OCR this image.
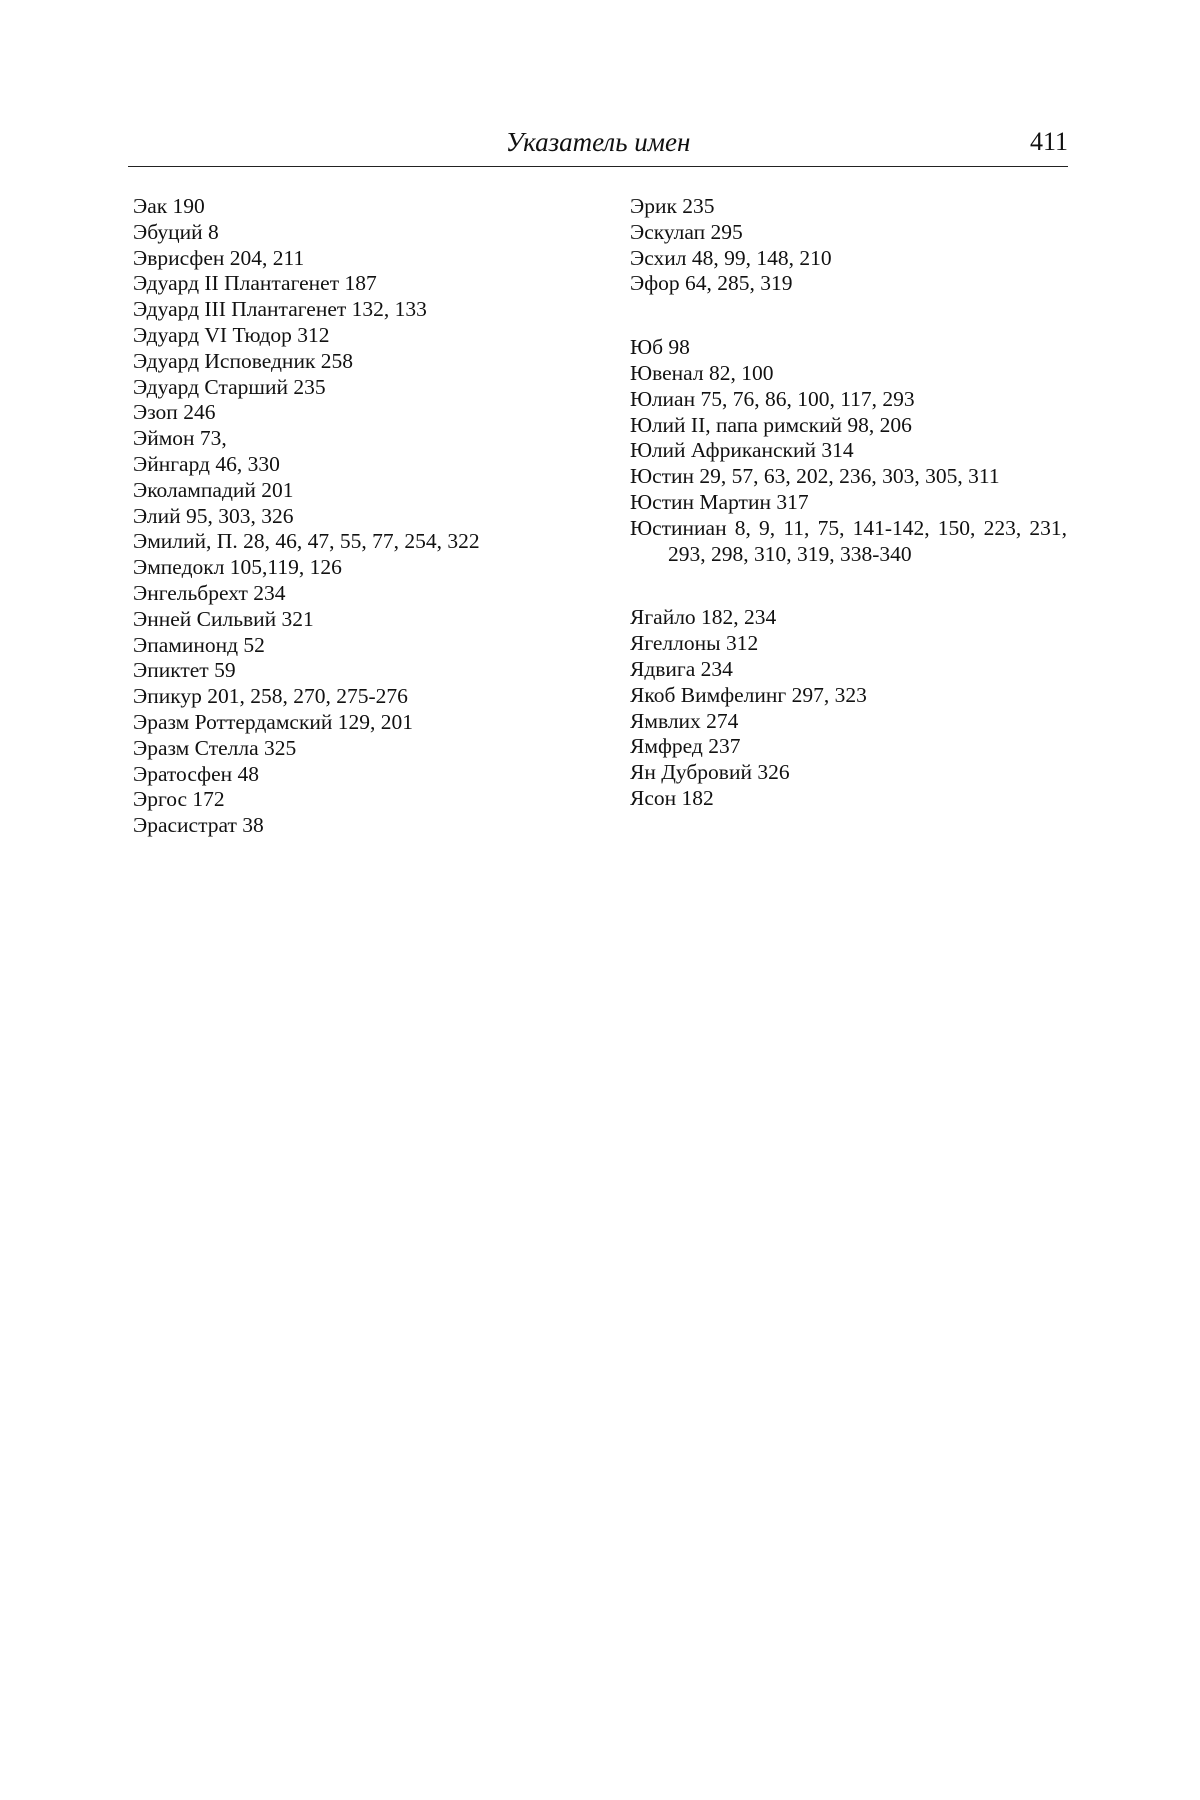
Указатель имен	411

Эак 190

Эбуций 8

Эврисфен 204, 211

Эдуард II Плантагенет 187

Эдуард III Плантагенет 132, 133

Эдуард VI Тюдор 312

Эдуард Исповедник 258

Эдуард Старший 235

Эзоп 246

Эймон 73,

Эйнгард 46, 330

Эколампадий 201

Элий 95, 303, 326

Эмилий, П. 28, 46, 47, 55, 77, 254, 322

Эмпедокл 105,119, 126

Энгельбрехт 234

Энней Сильвий 321

Эпаминонд 52

Эпиктет 59

Эпикур 201, 258, 270, 275-276

Эразм Роттердамский 129, 201

Эразм Стелла 325

Эратосфен 48

Эргос 172

Эрасистрат 38

Эрик 235

Эскулап 295

Эсхил 48, 99, 148, 210

Эфор 64, 285, 319

Юб 98

Ювенал 82, 100

Юлиан 75, 76, 86, 100, 117, 293

Юлий II, папа римский 98, 206

Юлий Африканский 314

Юстин 29, 57, 63, 202, 236, 303, 305, 311

Юстин Мартин 317

Юстиниан 8, 9, 11, 75, 141-142, 150, 223, 231, 293, 298, 310, 319, 338-340

Ягайло 182, 234

Ягеллоны 312

Ядвига 234

Якоб Вимфелинг 297, 323

Ямвлих 274

Ямфред 237

Ян Дубровий 326

Ясон 182
